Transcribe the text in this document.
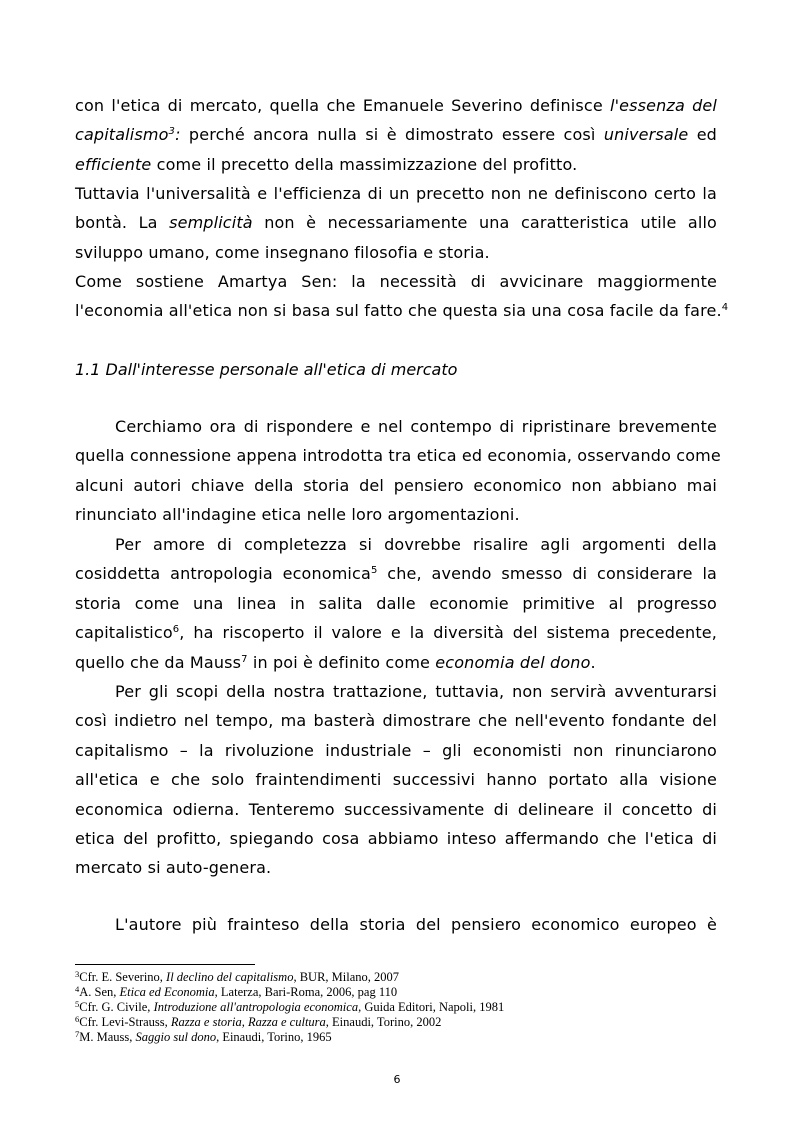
con l'etica di mercato, quella che Emanuele Severino definisce l'essenza del
capitalismo$^3$: perché ancora nulla si è dimostrato essere così universale ed
efficiente come il precetto della massimizzazione del profitto.
Tuttavia l'universalità e l'efficienza di un precetto non ne definiscono certo la
bontà. La semplicità non è necessariamente una caratteristica utile allo
sviluppo umano, come insegnano filosofia e storia.
Come sostiene Amartya Sen: la necessità di avvicinare maggiormente
l'economia all'etica non si basa sul fatto che questa sia una cosa facile da fare.$^4$
1.1 Dall'interesse personale all'etica di mercato
Cerchiamo ora di rispondere e nel contempo di ripristinare brevemente
quella connessione appena introdotta tra etica ed economia, osservando come
alcuni autori chiave della storia del pensiero economico non abbiano mai
rinunciato all'indagine etica nelle loro argomentazioni.
Per amore di completezza si dovrebbe risalire agli argomenti della
cosiddetta antropologia economica$^5$ che, avendo smesso di considerare la
storia come una linea in salita dalle economie primitive al progresso
capitalistico$^6$, ha riscoperto il valore e la diversità del sistema precedente,
quello che da Mauss$^7$ in poi è definito come economia del dono.
Per gli scopi della nostra trattazione, tuttavia, non servirà avventurarsi
così indietro nel tempo, ma basterà dimostrare che nell'evento fondante del
capitalismo – la rivoluzione industriale – gli economisti non rinunciarono
all'etica e che solo fraintendimenti successivi hanno portato alla visione
economica odierna. Tenteremo successivamente di delineare il concetto di
etica del profitto, spiegando cosa abbiamo inteso affermando che l'etica di
mercato si auto-genera.
L'autore più frainteso della storia del pensiero economico europeo è
$^3$Cfr. E. Severino, Il declino del capitalismo, BUR, Milano, 2007
$^4$A. Sen, Etica ed Economia, Laterza, Bari-Roma, 2006, pag 110
$^5$Cfr. G. Civile, Introduzione all'antropologia economica, Guida Editori, Napoli, 1981
$^6$Cfr. Levi-Strauss, Razza e storia, Razza e cultura, Einaudi, Torino, 2002
$^7$M. Mauss, Saggio sul dono, Einaudi, Torino, 1965
6
